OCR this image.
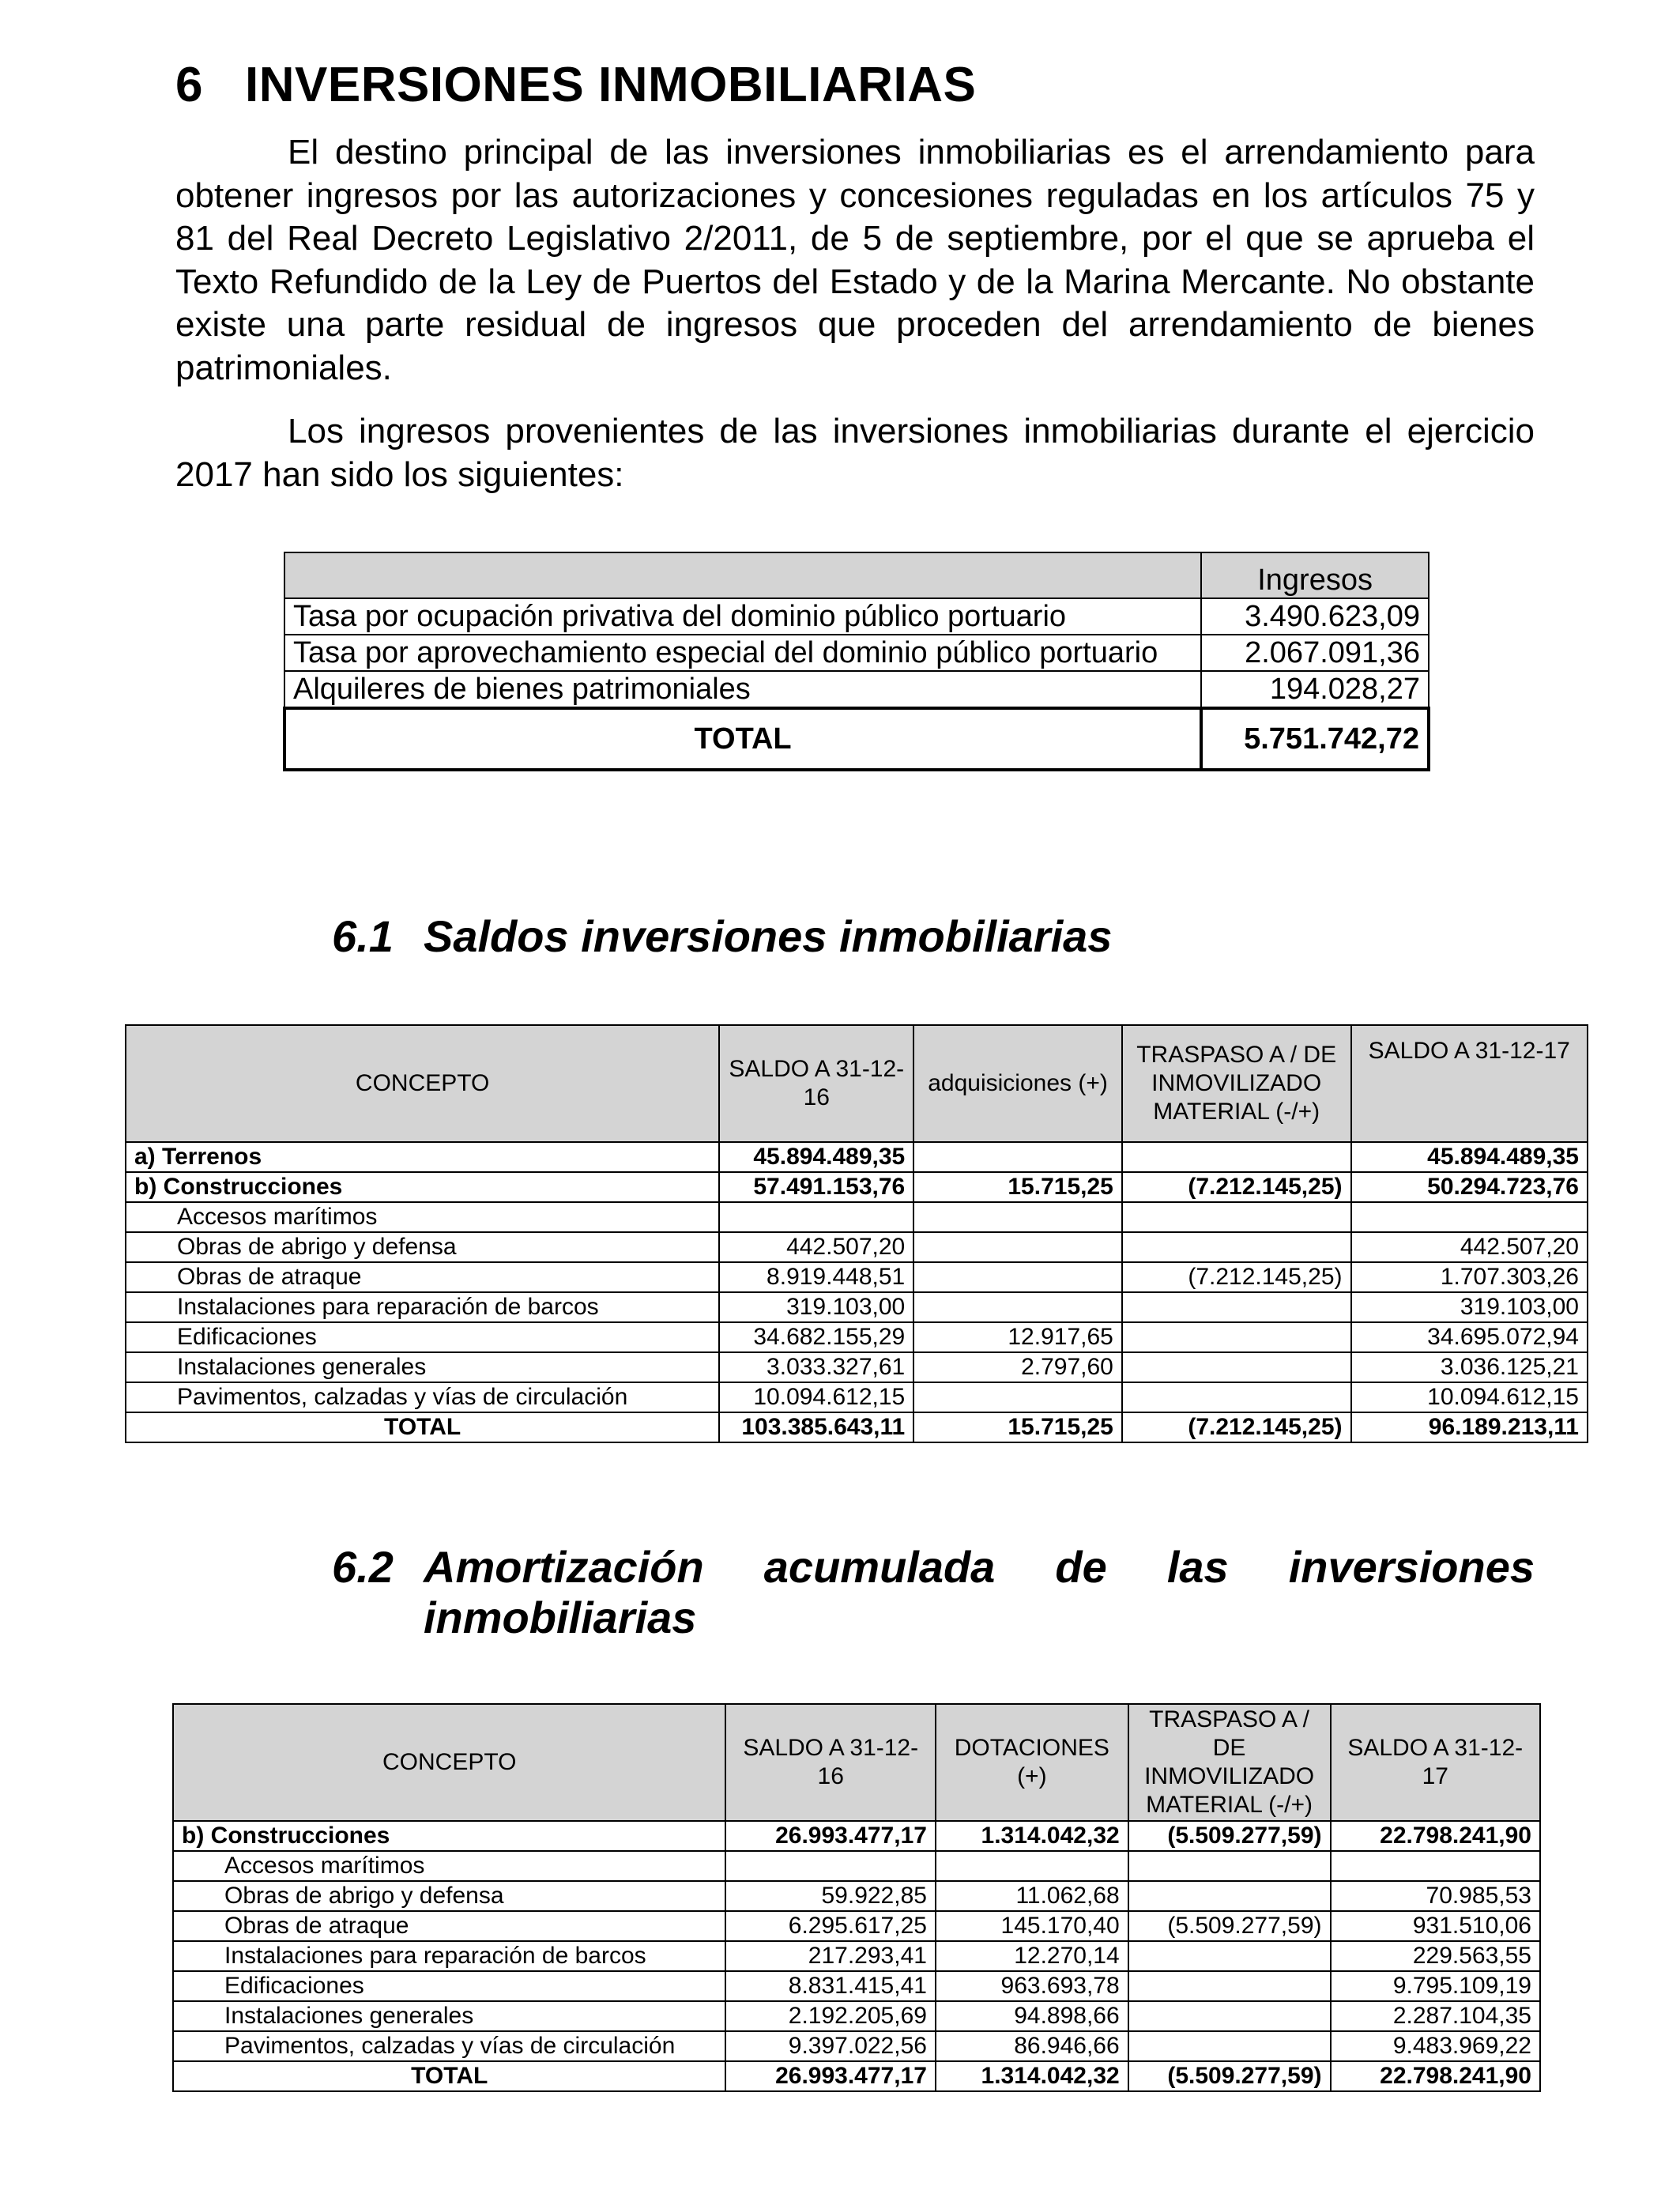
6 INVERSIONES INMOBILIARIAS

El destino principal de las inversiones inmobiliarias es el arrendamiento para obtener ingresos por las autorizaciones y concesiones reguladas en los artículos 75 y 81 del Real Decreto Legislativo 2/2011, de 5 de septiembre, por el que se aprueba el Texto Refundido de la Ley de Puertos del Estado y de la Marina Mercante. No obstante existe una parte residual de ingresos que proceden del arrendamiento de bienes patrimoniales.

Los ingresos provenientes de las inversiones inmobiliarias durante el ejercicio 2017 han sido los siguientes:

	Ingresos
Tasa por ocupación privativa del dominio público portuario	3.490.623,09
Tasa por aprovechamiento especial del dominio público portuario	2.067.091,36
Alquileres de bienes patrimoniales	194.028,27
TOTAL	5.751.742,72
6.1 Saldos inversiones inmobiliarias
CONCEPTO	SALDO A 31-12-16	adquisiciones (+)	TRASPASO A / DE INMOVILIZADO MATERIAL (-/+)	SALDO A 31-12-17
a) Terrenos	45.894.489,35			45.894.489,35
b) Construcciones	57.491.153,76	15.715,25	(7.212.145,25)	50.294.723,76
Accesos marítimos				
Obras de abrigo y defensa	442.507,20			442.507,20
Obras de atraque	8.919.448,51		(7.212.145,25)	1.707.303,26
Instalaciones para reparación de barcos	319.103,00			319.103,00
Edificaciones	34.682.155,29	12.917,65		34.695.072,94
Instalaciones generales	3.033.327,61	2.797,60		3.036.125,21
Pavimentos, calzadas y vías de circulación	10.094.612,15			10.094.612,15
TOTAL	103.385.643,11	15.715,25	(7.212.145,25)	96.189.213,11
6.2 Amortización acumulada de las inversiones
inmobiliarias
CONCEPTO	SALDO A 31-12-16	DOTACIONES (+)	TRASPASO A / DE INMOVILIZADO MATERIAL (-/+)	SALDO A 31-12-17
b) Construcciones	26.993.477,17	1.314.042,32	(5.509.277,59)	22.798.241,90
Accesos marítimos				
Obras de abrigo y defensa	59.922,85	11.062,68		70.985,53
Obras de atraque	6.295.617,25	145.170,40	(5.509.277,59)	931.510,06
Instalaciones para reparación de barcos	217.293,41	12.270,14		229.563,55
Edificaciones	8.831.415,41	963.693,78		9.795.109,19
Instalaciones generales	2.192.205,69	94.898,66		2.287.104,35
Pavimentos, calzadas y vías de circulación	9.397.022,56	86.946,66		9.483.969,22
TOTAL	26.993.477,17	1.314.042,32	(5.509.277,59)	22.798.241,90
